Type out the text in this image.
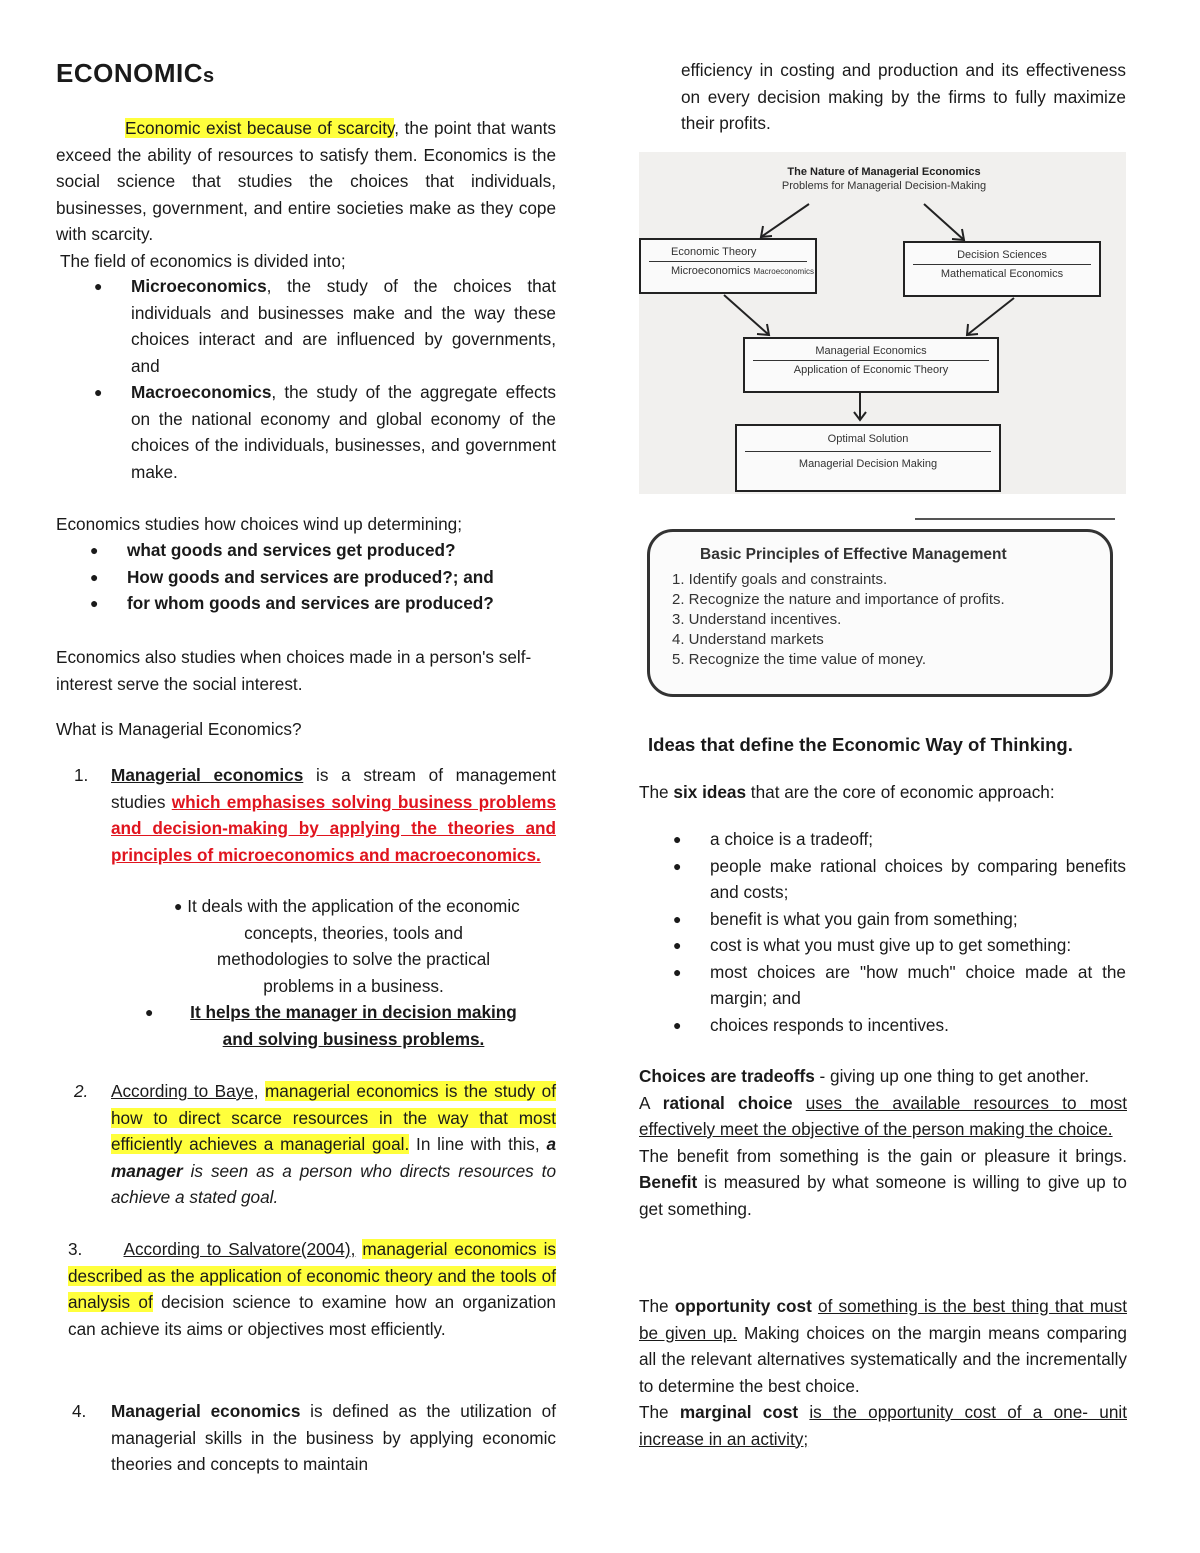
ECONOMICs

Economic exist because of scarcity, the point that wants exceed the ability of resources to satisfy them. Economics is the social science that studies the choices that individuals, businesses, government, and entire societies make as they cope with scarcity.

The field of economics is divided into;

● Microeconomics, the study of the choices that individuals and businesses make and the way these choices interact and are influenced by governments, and
● Macroeconomics, the study of the aggregate effects on the national economy and global economy of the choices of the individuals, businesses, and government make.

Economics studies how choices wind up determining;

● what goods and services get produced?
● How goods and services are produced?; and
● for whom goods and services are produced?

Economics also studies when choices made in a person's self-interest serve the social interest.

What is Managerial Economics?

1. Managerial economics is a stream of management studies which emphasises solving business problems and decision-making by applying the theories and principles of microeconomics and macroeconomics.

● It deals with the application of the economic concepts, theories, tools and methodologies to solve the practical problems in a business.
● It helps the manager in decision making and solving business problems.

2. According to Baye, managerial economics is the study of how to direct scarce resources in the way that most efficiently achieves a managerial goal. In line with this, a manager is seen as a person who directs resources to achieve a stated goal.

3. According to Salvatore(2004), managerial economics is described as the application of economic theory and the tools of analysis of decision science to examine how an organization can achieve its aims or objectives most efficiently.

4. Managerial economics is defined as the utilization of managerial skills in the business by applying economic theories and concepts to maintain

efficiency in costing and production and its effectiveness on every decision making by the firms to fully maximize their profits.

The Nature of Managerial Economics
Problems for Managerial Decision-Making
Economic Theory
Microeconomics Macroeconomics
Decision Sciences
Mathematical Economics
Managerial Economics
Application of Economic Theory
Optimal Solution
Managerial Decision Making
Basic Principles of Effective Management
1. Identify goals and constraints.
2. Recognize the nature and importance of profits.
3. Understand incentives.
4. Understand markets
5. Recognize the time value of money.

Ideas that define the Economic Way of Thinking.

The six ideas that are the core of economic approach:

● a choice is a tradeoff;
● people make rational choices by comparing benefits and costs;
● benefit is what you gain from something;
● cost is what you must give up to get something:
● most choices are "how much" choice made at the margin; and
● choices responds to incentives.

Choices are tradeoffs - giving up one thing to get another.

A rational choice uses the available resources to most effectively meet the objective of the person making the choice.

The benefit from something is the gain or pleasure it brings. Benefit is measured by what someone is willing to give up to get something.

The opportunity cost of something is the best thing that must be given up. Making choices on the margin means comparing all the relevant alternatives systematically and the incrementally to determine the best choice.

The marginal cost is the opportunity cost of a one- unit increase in an activity;
